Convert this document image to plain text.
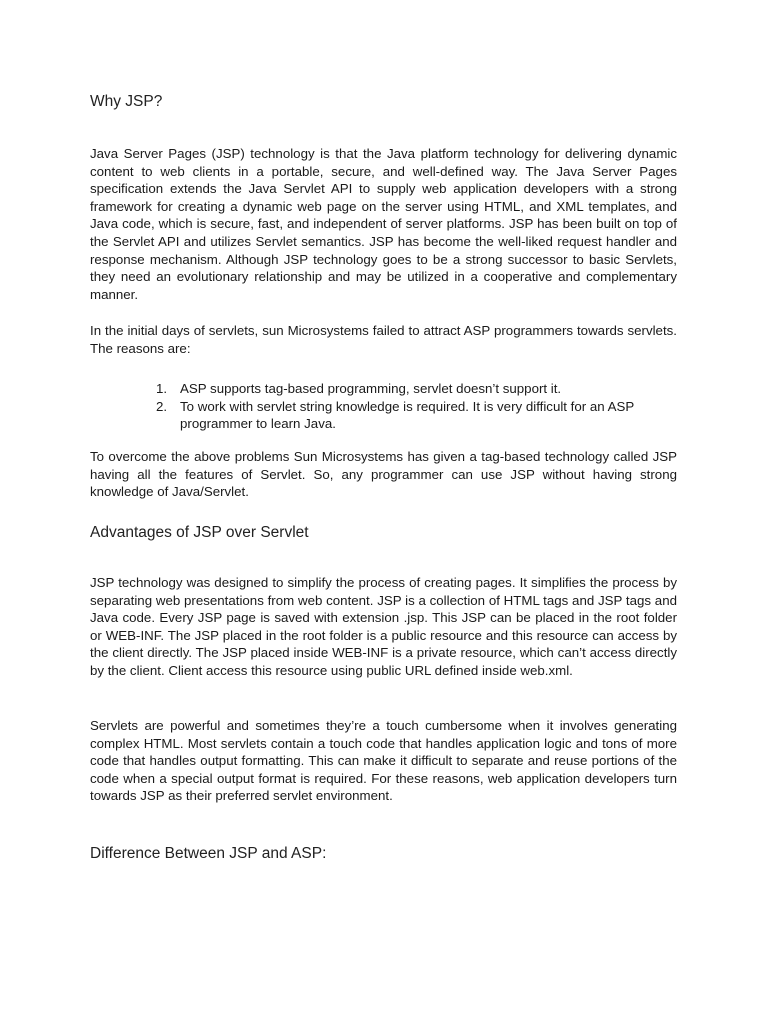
Why JSP?

Java Server Pages (JSP) technology is that the Java platform technology for delivering dynamic content to web clients in a portable, secure, and well-defined way. The Java Server Pages specification extends the Java Servlet API to supply web application developers with a strong framework for creating a dynamic web page on the server using HTML, and XML templates, and Java code, which is secure, fast, and independent of server platforms. JSP has been built on top of the Servlet API and utilizes Servlet semantics. JSP has become the well-liked request handler and response mechanism. Although JSP technology goes to be a strong successor to basic Servlets, they need an evolutionary relationship and may be utilized in a cooperative and complementary manner.

In the initial days of servlets, sun Microsystems failed to attract ASP programmers towards servlets. The reasons are:

1. ASP supports tag-based programming, servlet doesn’t support it.
2. To work with servlet string knowledge is required. It is very difficult for an ASP programmer to learn Java.

To overcome the above problems Sun Microsystems has given a tag-based technology called JSP having all the features of Servlet. So, any programmer can use JSP without having strong knowledge of Java/Servlet.

Advantages of JSP over Servlet

JSP technology was designed to simplify the process of creating pages. It simplifies the process by separating web presentations from web content. JSP is a collection of HTML tags and JSP tags and Java code. Every JSP page is saved with extension .jsp. This JSP can be placed in the root folder or WEB-INF. The JSP placed in the root folder is a public resource and this resource can access by the client directly. The JSP placed inside WEB-INF is a private resource, which can’t access directly by the client. Client access this resource using public URL defined inside web.xml.

Servlets are powerful and sometimes they’re a touch cumbersome when it involves generating complex HTML. Most servlets contain a touch code that handles application logic and tons of more code that handles output formatting. This can make it difficult to separate and reuse portions of the code when a special output format is required. For these reasons, web application developers turn towards JSP as their preferred servlet environment.

Difference Between JSP and ASP:
